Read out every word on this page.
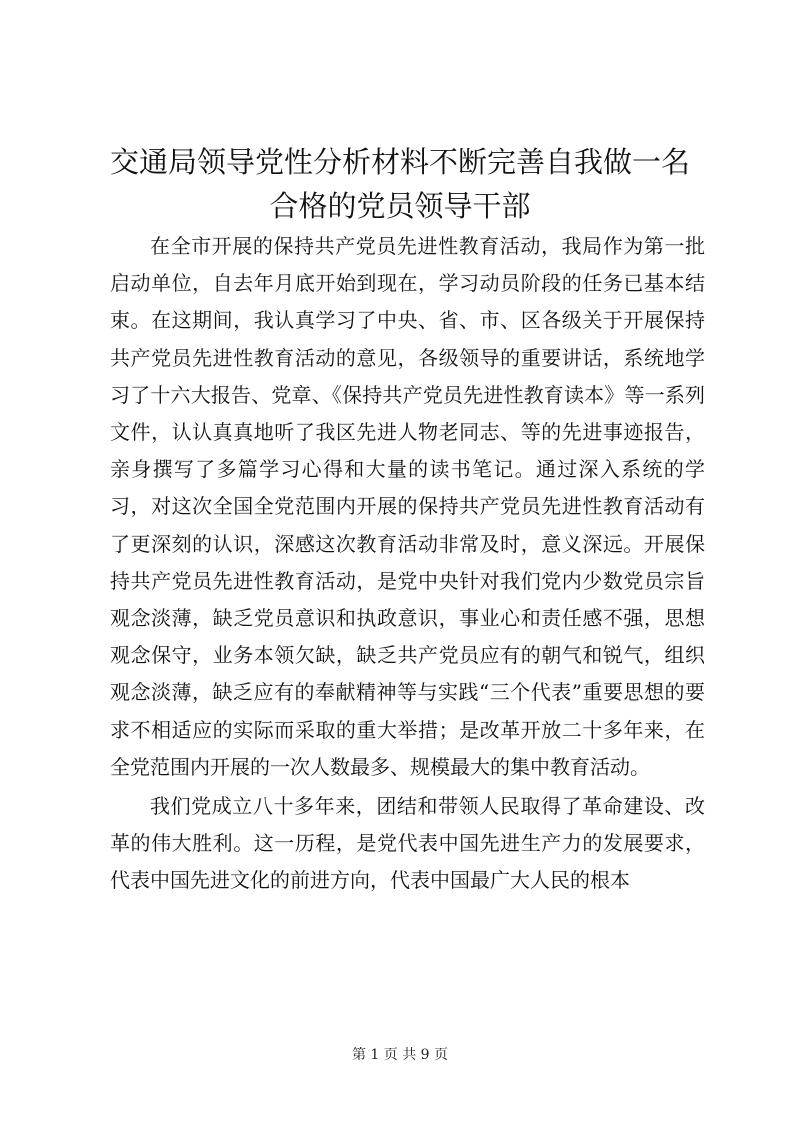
交通局领导党性分析材料不断完善自我做一名
合格的党员领导干部

在全市开展的保持共产党员先进性教育活动，我局作为第一批启动单位，自去年月底开始到现在，学习动员阶段的任务已基本结束。在这期间，我认真学习了中央、省、市、区各级关于开展保持共产党员先进性教育活动的意见，各级领导的重要讲话，系统地学习了十六大报告、党章、《保持共产党员先进性教育读本》等一系列文件，认认真真地听了我区先进人物老同志、等的先进事迹报告，亲身撰写了多篇学习心得和大量的读书笔记。通过深入系统的学习，对这次全国全党范围内开展的保持共产党员先进性教育活动有了更深刻的认识，深感这次教育活动非常及时，意义深远。开展保持共产党员先进性教育活动，是党中央针对我们党内少数党员宗旨观念淡薄，缺乏党员意识和执政意识，事业心和责任感不强，思想观念保守，业务本领欠缺，缺乏共产党员应有的朝气和锐气，组织观念淡薄，缺乏应有的奉献精神等与实践“三个代表”重要思想的要求不相适应的实际而采取的重大举措；是改革开放二十多年来，在全党范围内开展的一次人数最多、规模最大的集中教育活动。

我们党成立八十多年来，团结和带领人民取得了革命建设、改革的伟大胜利。这一历程，是党代表中国先进生产力的发展要求，代表中国先进文化的前进方向，代表中国最广大人民的根本

第 1 页 共 9 页
